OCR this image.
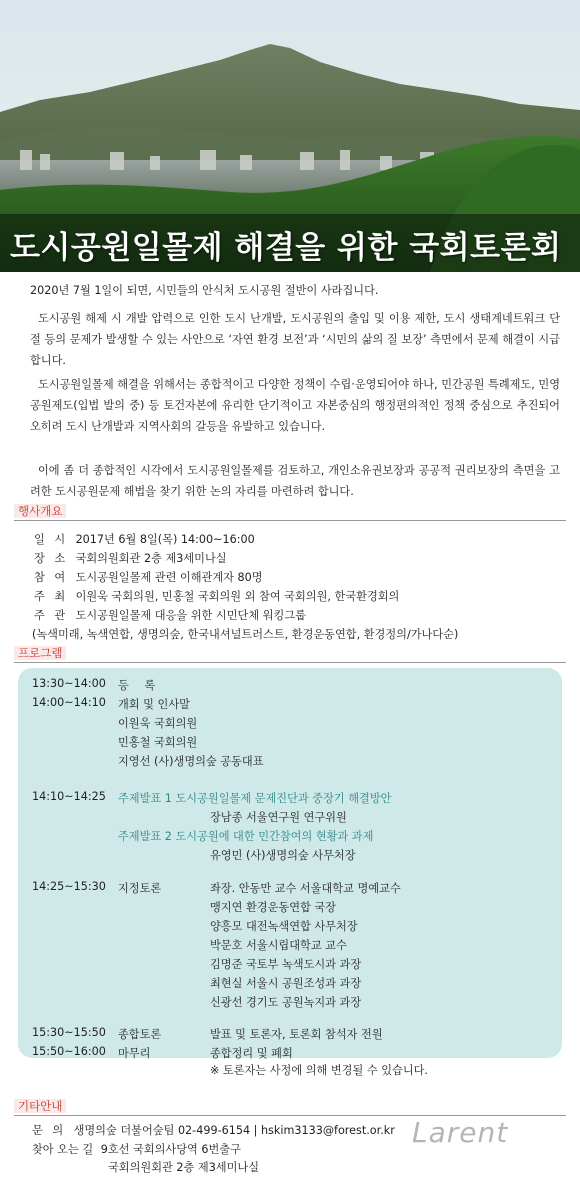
도시공원일몰제 해결을 위한 국회토론회

2020년 7월 1일이 되면, 시민들의 안식처 도시공원 절반이 사라집니다.

도시공원 해제 시 개발 압력으로 인한 도시 난개발, 도시공원의 출입 및 이용 제한, 도시 생태계네트워크 단절 등의 문제가 발생할 수 있는 사안으로 ‘자연 환경 보전’과 ‘시민의 삶의 질 보장’ 측면에서 문제 해결이 시급합니다.

도시공원일몰제 해결을 위해서는 종합적이고 다양한 정책이 수립·운영되어야 하나, 민간공원 특례제도, 민영공원제도(입법 발의 중) 등 토건자본에 유리한 단기적이고 자본중심의 행정편의적인 정책 중심으로 추진되어 오히려 도시 난개발과 지역사회의 갈등을 유발하고 있습니다.

이에 좀 더 종합적인 시각에서 도시공원일몰제를 검토하고, 개인소유권보장과 공공적 권리보장의 측면을 고려한 도시공원문제 해법을 찾기 위한 논의 자리를 마련하려 합니다.

행사개요
일 시 2017년 6월 8일(목) 14:00~16:00
장 소 국회의원회관 2층 제3세미나실
참 여 도시공원일몰제 관련 이해관계자 80명
주 최 이원욱 국회의원, 민홍철 국회의원 외 참여 국회의원, 한국환경회의
주 관 도시공원일몰제 대응을 위한 시민단체 워킹그룹
(녹색미래, 녹색연합, 생명의숲, 한국내셔널트러스트, 환경운동연합, 환경정의/가나다순)
프로그램
13:30~14:00 등 록
14:00~14:10 개회 및 인사말
이원욱 국회의원
민홍철 국회의원
지영선 (사)생명의숲 공동대표
14:10~14:25 주제발표 1 도시공원일몰제 문제진단과 중장기 해결방안
장남종 서울연구원 연구위원
주제발표 2 도시공원에 대한 민간참여의 현황과 과제
유영민 (사)생명의숲 사무처장
14:25~15:30 지정토론	좌장. 안동만 교수 서울대학교 명예교수
맹지연 환경운동연합 국장
양흥모 대전녹색연합 사무처장
박문호 서울시립대학교 교수
김명준 국토부 녹색도시과 과장
최현실 서울시 공원조성과 과장
신광선 경기도 공원녹지과 과장
15:30~15:50 종합토론	발표 및 토론자, 토론회 참석자 전원
15:50~16:00 마무리	종합정리 및 폐회
※ 토론자는 사정에 의해 변경될 수 있습니다.
기타안내
문 의 생명의숲 더불어숲팀 02-499-6154 | hskim3133@forest.or.kr
찾아 오는 길 9호선 국회의사당역 6번출구
국회의원회관 2층 제3세미나실
Larent
